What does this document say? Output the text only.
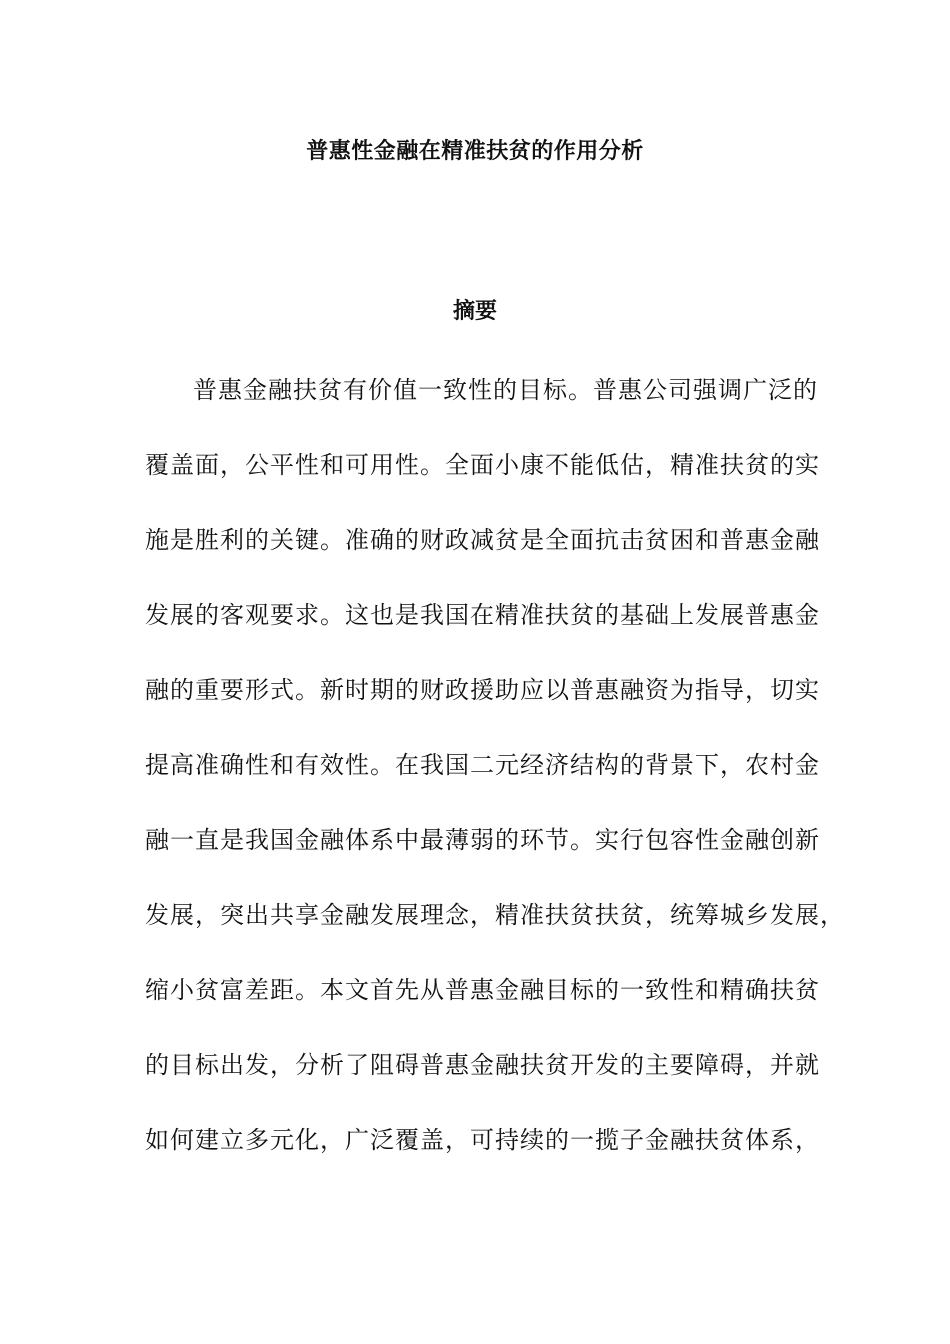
普惠性金融在精准扶贫的作用分析
摘要
普惠金融扶贫有价值一致性的目标。普惠公司强调广泛的
覆盖面，公平性和可用性。全面小康不能低估，精准扶贫的实
施是胜利的关键。准确的财政减贫是全面抗击贫困和普惠金融
发展的客观要求。这也是我国在精准扶贫的基础上发展普惠金
融的重要形式。新时期的财政援助应以普惠融资为指导，切实
提高准确性和有效性。在我国二元经济结构的背景下，农村金
融一直是我国金融体系中最薄弱的环节。实行包容性金融创新
发展，突出共享金融发展理念，精准扶贫扶贫，统筹城乡发展，
缩小贫富差距。本文首先从普惠金融目标的一致性和精确扶贫
的目标出发，分析了阻碍普惠金融扶贫开发的主要障碍，并就
如何建立多元化，广泛覆盖，可持续的一揽子金融扶贫体系，
